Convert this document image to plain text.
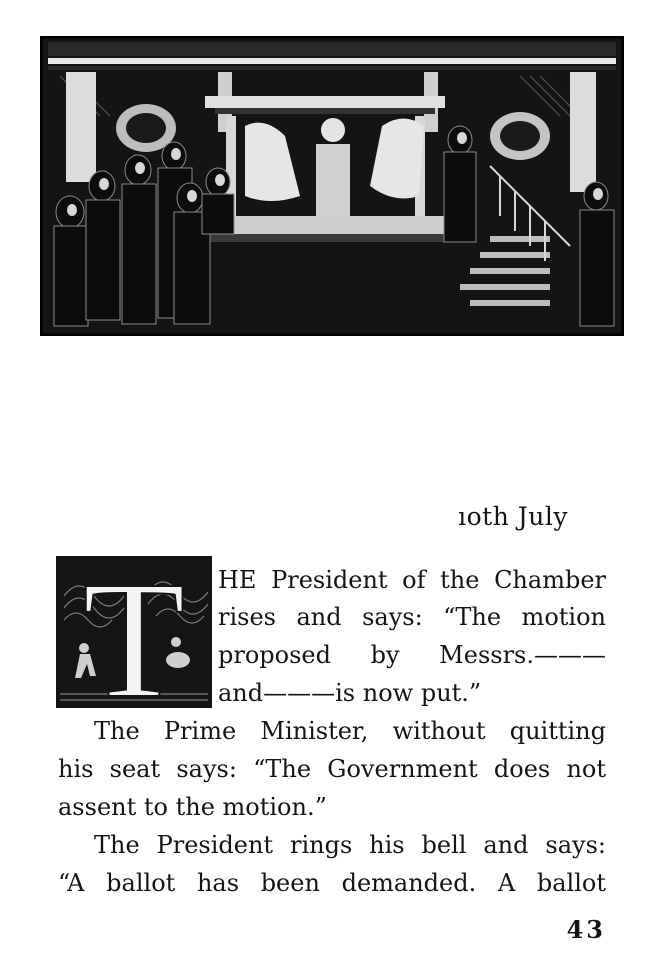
ıoth July
T HE President of the Chamber
rises and says: “The motion
proposed by Messrs.———
and———is now put.”
The Prime Minister, without quitting
his seat says: “The Government does not
assent to the motion.”
The President rings his bell and says:
“A ballot has been demanded. A ballot
43
